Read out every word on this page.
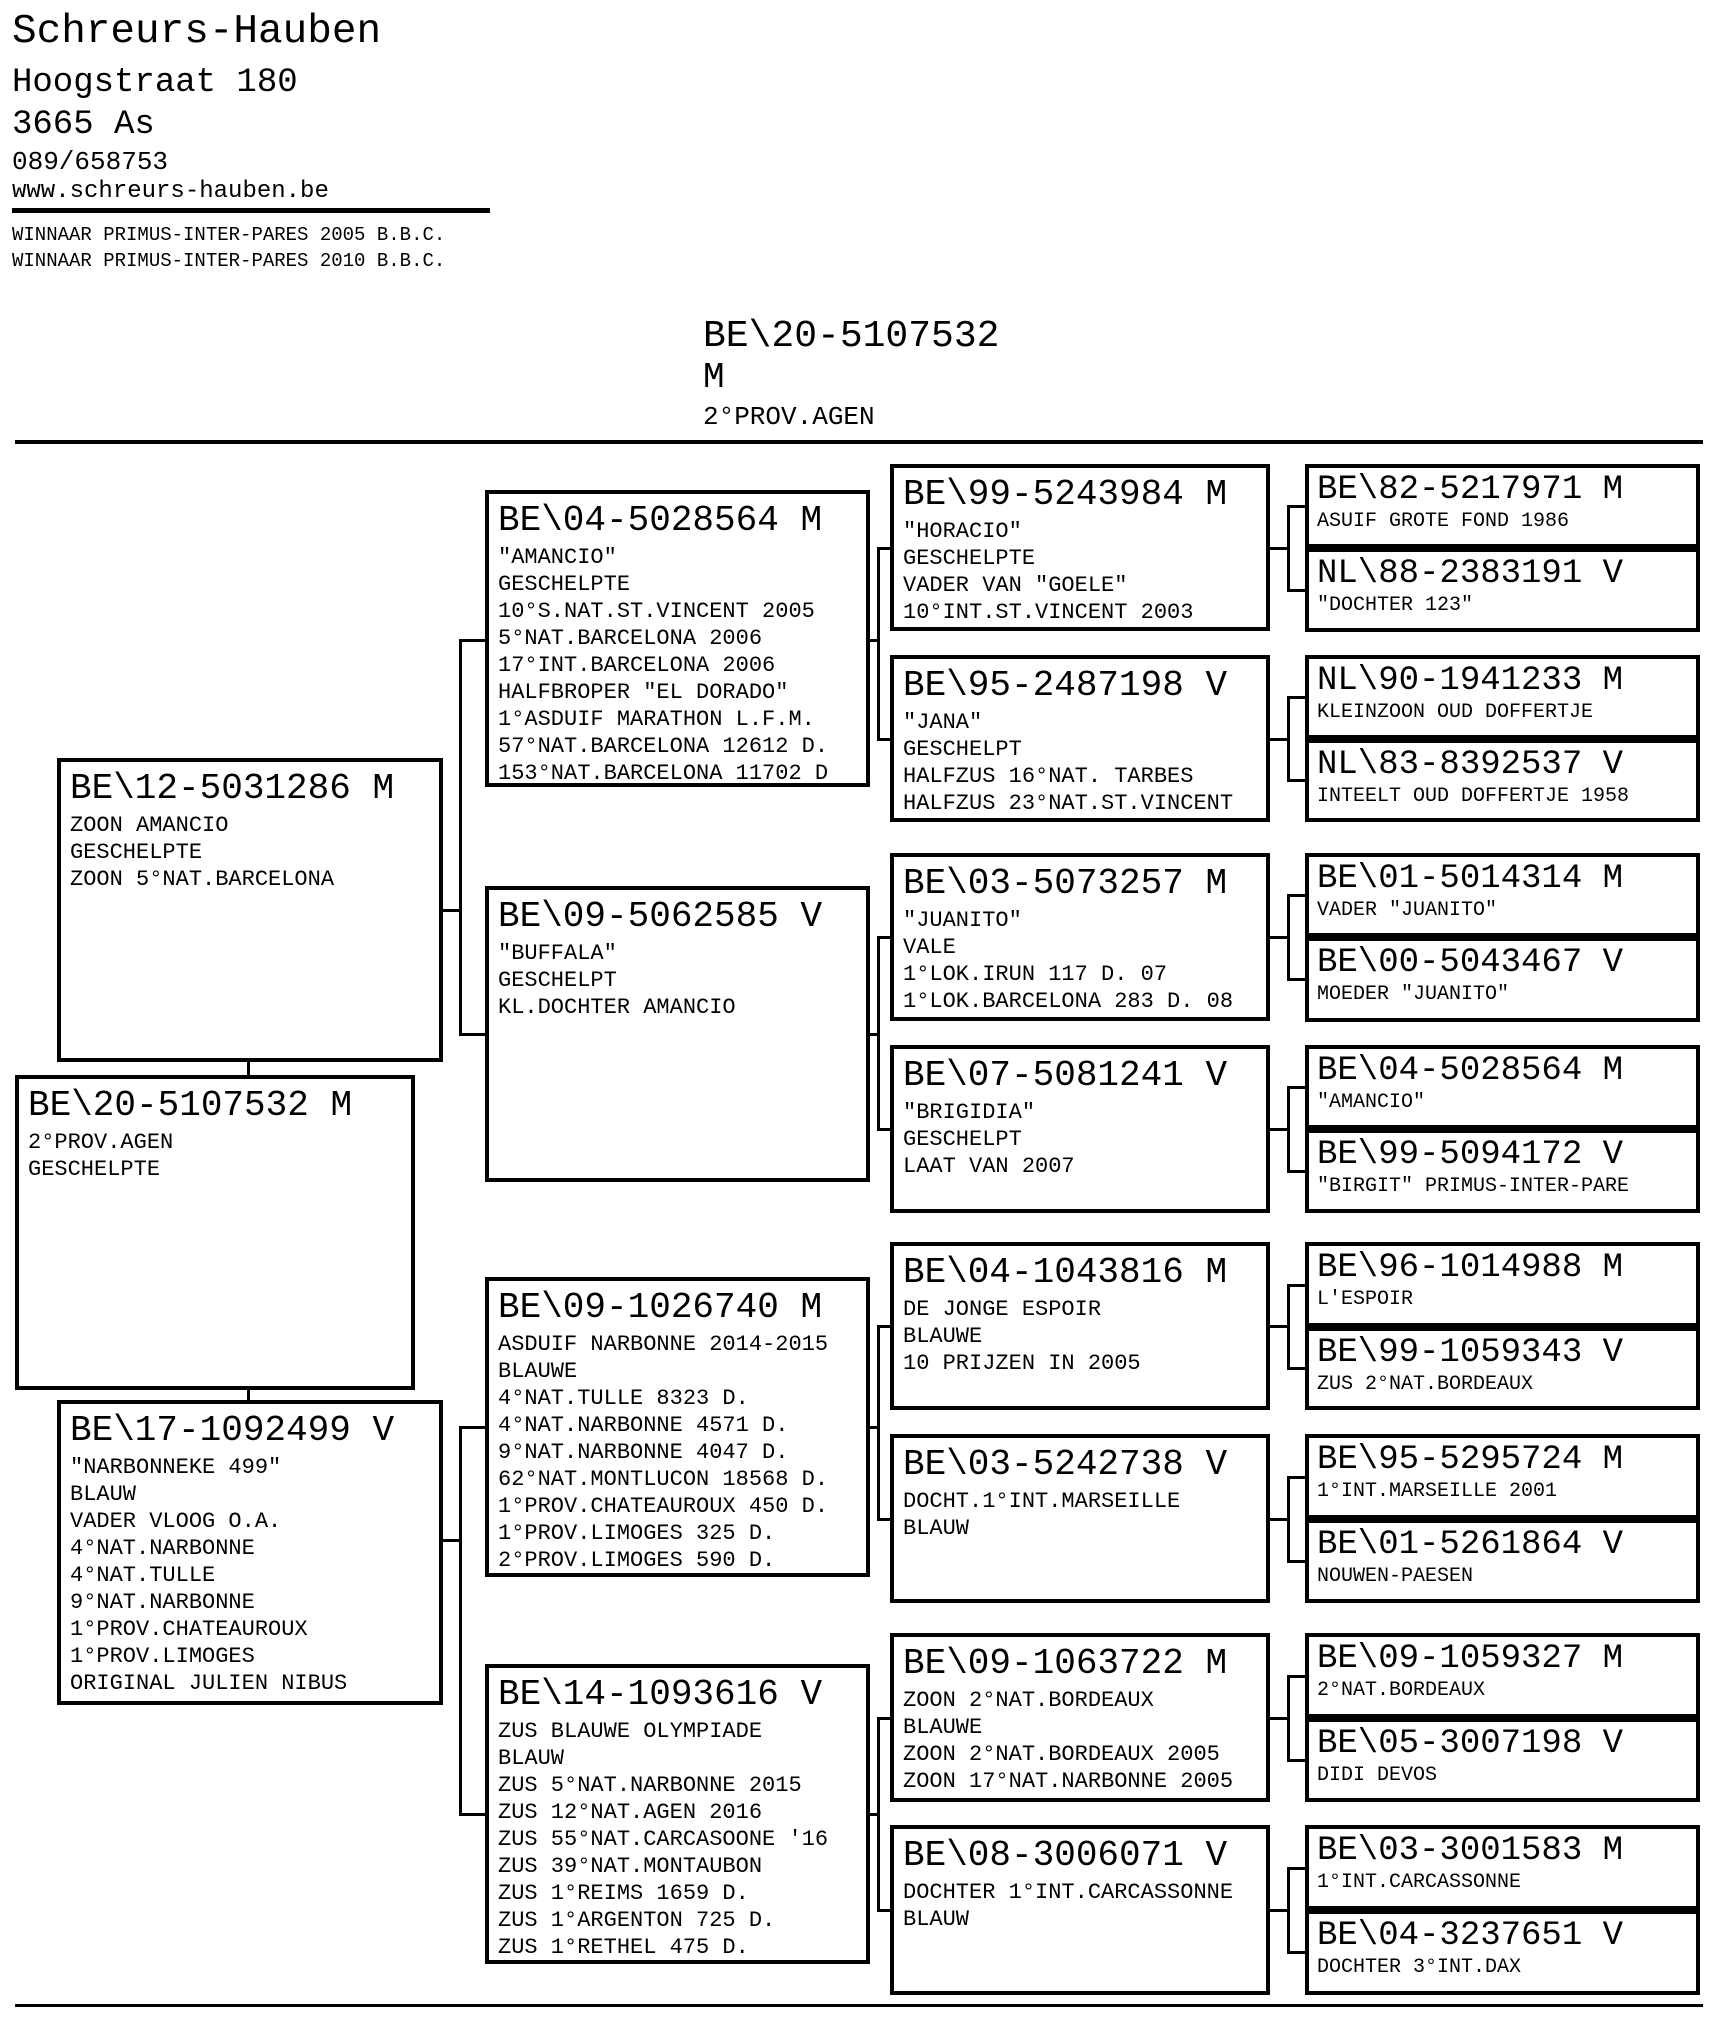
Schreurs-Hauben
Hoogstraat 180
3665 As
089/658753
www.schreurs-hauben.be
WINNAAR PRIMUS-INTER-PARES 2005 B.B.C.
WINNAAR PRIMUS-INTER-PARES 2010 B.B.C.
BE\20-5107532
M
2°PROV.AGEN
BE\20-5107532 M
2°PROV.AGEN
GESCHELPTE
BE\12-5031286 M
ZOON AMANCIO
GESCHELPTE
ZOON 5°NAT.BARCELONA
BE\17-1092499 V
"NARBONNEKE 499"
BLAUW
VADER VLOOG O.A.
4°NAT.NARBONNE
4°NAT.TULLE
9°NAT.NARBONNE
1°PROV.CHATEAUROUX
1°PROV.LIMOGES
ORIGINAL JULIEN NIBUS
BE\04-5028564 M
"AMANCIO"
GESCHELPTE
10°S.NAT.ST.VINCENT 2005
5°NAT.BARCELONA 2006
17°INT.BARCELONA 2006
HALFBROPER "EL DORADO"
1°ASDUIF MARATHON L.F.M.
57°NAT.BARCELONA 12612 D.
153°NAT.BARCELONA 11702 D
BE\09-5062585 V
"BUFFALA"
GESCHELPT
KL.DOCHTER AMANCIO
BE\09-1026740 M
ASDUIF NARBONNE 2014-2015
BLAUWE
4°NAT.TULLE 8323 D.
4°NAT.NARBONNE 4571 D.
9°NAT.NARBONNE 4047 D.
62°NAT.MONTLUCON 18568 D.
1°PROV.CHATEAUROUX 450 D.
1°PROV.LIMOGES 325 D.
2°PROV.LIMOGES 590 D.
BE\14-1093616 V
ZUS BLAUWE OLYMPIADE
BLAUW
ZUS 5°NAT.NARBONNE 2015
ZUS 12°NAT.AGEN 2016
ZUS 55°NAT.CARCASOONE '16
ZUS 39°NAT.MONTAUBON
ZUS 1°REIMS 1659 D.
ZUS 1°ARGENTON 725 D.
ZUS 1°RETHEL 475 D.
BE\99-5243984 M
"HORACIO"
GESCHELPTE
VADER VAN "GOELE"
10°INT.ST.VINCENT 2003
BE\95-2487198 V
"JANA"
GESCHELPT
HALFZUS 16°NAT. TARBES
HALFZUS 23°NAT.ST.VINCENT
BE\03-5073257 M
"JUANITO"
VALE
1°LOK.IRUN 117 D. 07
1°LOK.BARCELONA 283 D. 08
BE\07-5081241 V
"BRIGIDIA"
GESCHELPT
LAAT VAN 2007
BE\04-1043816 M
DE JONGE ESPOIR
BLAUWE
10 PRIJZEN IN 2005
BE\03-5242738 V
DOCHT.1°INT.MARSEILLE
BLAUW
BE\09-1063722 M
ZOON 2°NAT.BORDEAUX
BLAUWE
ZOON 2°NAT.BORDEAUX 2005
ZOON 17°NAT.NARBONNE 2005
BE\08-3006071 V
DOCHTER 1°INT.CARCASSONNE
BLAUW
BE\82-5217971 M
ASUIF GROTE FOND 1986
NL\88-2383191 V
"DOCHTER 123"
NL\90-1941233 M
KLEINZOON OUD DOFFERTJE
NL\83-8392537 V
INTEELT OUD DOFFERTJE 1958
BE\01-5014314 M
VADER "JUANITO"
BE\00-5043467 V
MOEDER "JUANITO"
BE\04-5028564 M
"AMANCIO"
BE\99-5094172 V
"BIRGIT" PRIMUS-INTER-PARE
BE\96-1014988 M
L'ESPOIR
BE\99-1059343 V
ZUS 2°NAT.BORDEAUX
BE\95-5295724 M
1°INT.MARSEILLE 2001
BE\01-5261864 V
NOUWEN-PAESEN
BE\09-1059327 M
2°NAT.BORDEAUX
BE\05-3007198 V
DIDI DEVOS
BE\03-3001583 M
1°INT.CARCASSONNE
BE\04-3237651 V
DOCHTER 3°INT.DAX
